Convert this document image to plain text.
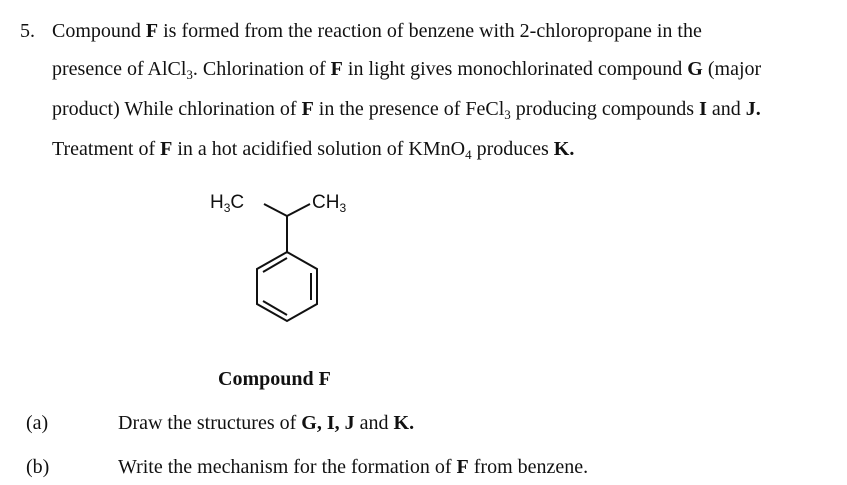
5. Compound F is formed from the reaction of benzene with 2-chloropropane in the
presence of AlCl$_3$. Chlorination of F in light gives monochlorinated compound G (major
product) While chlorination of F in the presence of FeCl$_3$ producing compounds I and J.
Treatment of F in a hot acidified solution of KMnO$_4$ produces K.
$H_3C$	$CH_3$
Compound F
(a)	Draw the structures of G, I, J and K.
(b)	Write the mechanism for the formation of F from benzene.
